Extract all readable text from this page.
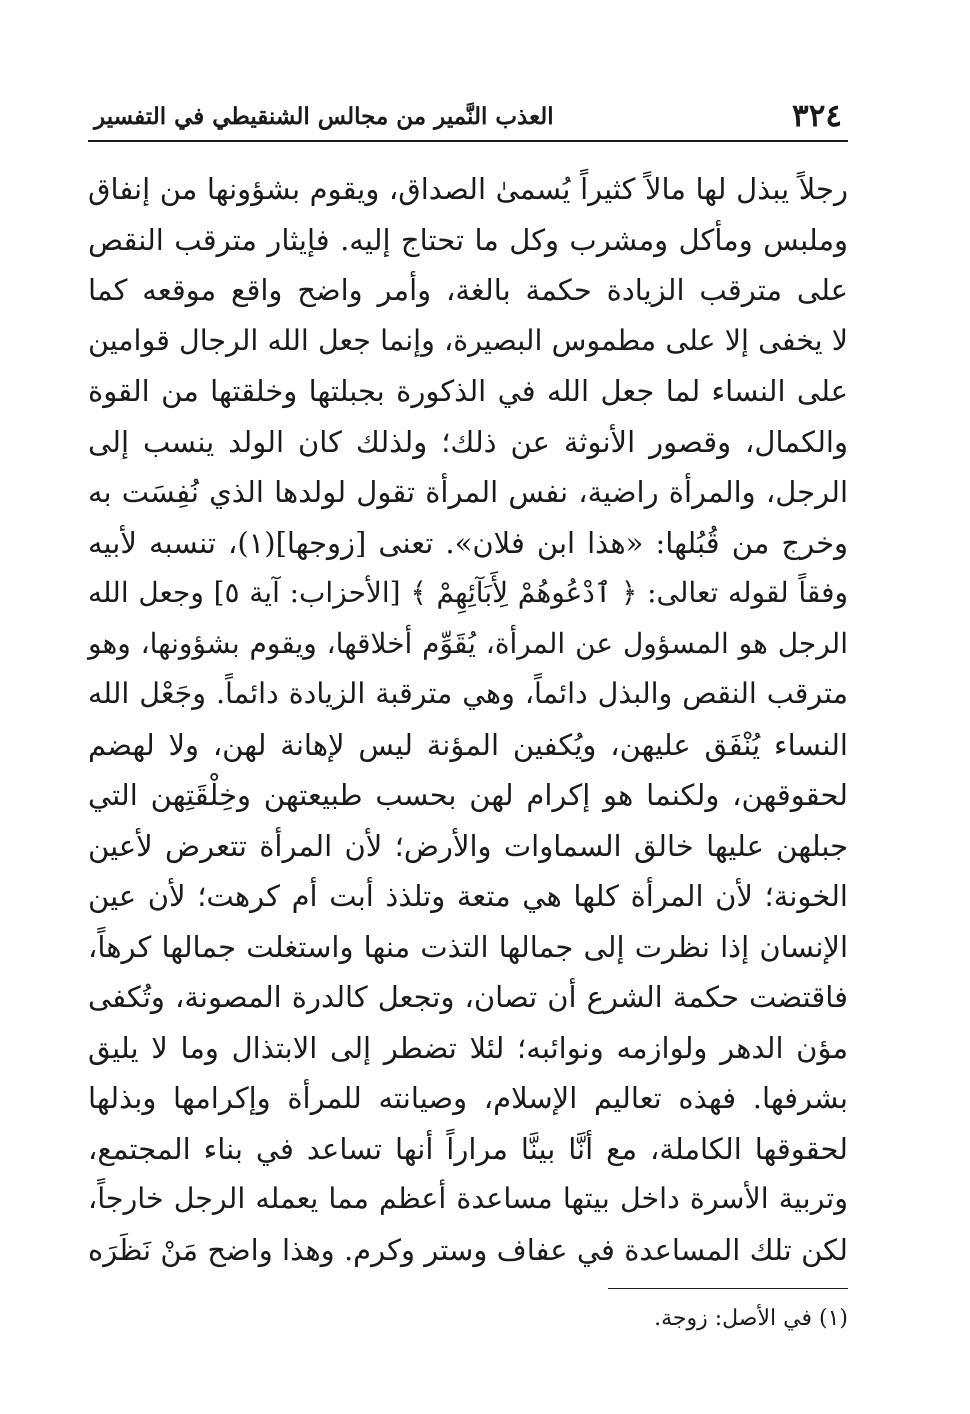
٣٢٤
العذب النَّمير من مجالس الشنقيطي في التفسير
رجلاً يبذل لها مالاً كثيراً يُسمىٰ الصداق، ويقوم بشؤونها من إنفاق
وملبس ومأكل ومشرب وكل ما تحتاج إليه. فإيثار مترقب النقص
على مترقب الزيادة حكمة بالغة، وأمر واضح واقع موقعه كما
لا يخفى إلا على مطموس البصيرة، وإنما جعل الله الرجال قوامين
على النساء لما جعل الله في الذكورة بجبلتها وخلقتها من القوة
والكمال، وقصور الأنوثة عن ذلك؛ ولذلك كان الولد ينسب إلى
الرجل، والمرأة راضية، نفس المرأة تقول لولدها الذي نُفِسَت به
وخرج من قُبُلها: «هذا ابن فلان». تعنى [زوجها](١)، تنسبه لأبيه
وفقاً لقوله تعالى: ﴿ ٱدْعُوهُمْ لِأَبَآئِهِمْ ﴾ [الأحزاب: آية ٥] وجعل الله
الرجل هو المسؤول عن المرأة، يُقَوِّم أخلاقها، ويقوم بشؤونها، وهو
مترقب النقص والبذل دائماً، وهي مترقبة الزيادة دائماً. وجَعْل الله
النساء يُنْفَق عليهن، ويُكفين المؤنة ليس لإهانة لهن، ولا لهضم
لحقوقهن، ولكنما هو إكرام لهن بحسب طبيعتهن وخِلْقَتِهن التي
جبلهن عليها خالق السماوات والأرض؛ لأن المرأة تتعرض لأعين
الخونة؛ لأن المرأة كلها هي متعة وتلذذ أبت أم كرهت؛ لأن عين
الإنسان إذا نظرت إلى جمالها التذت منها واستغلت جمالها كرهاً،
فاقتضت حكمة الشرع أن تصان، وتجعل كالدرة المصونة، وتُكفى
مؤن الدهر ولوازمه ونوائبه؛ لئلا تضطر إلى الابتذال وما لا يليق
بشرفها. فهذه تعاليم الإسلام، وصيانته للمرأة وإكرامها وبذلها
لحقوقها الكاملة، مع أنَّا بينَّا مراراً أنها تساعد في بناء المجتمع،
وتربية الأسرة داخل بيتها مساعدة أعظم مما يعمله الرجل خارجاً،
لكن تلك المساعدة في عفاف وستر وكرم. وهذا واضح مَنْ نَظَرَه
(١) في الأصل: زوجة.
